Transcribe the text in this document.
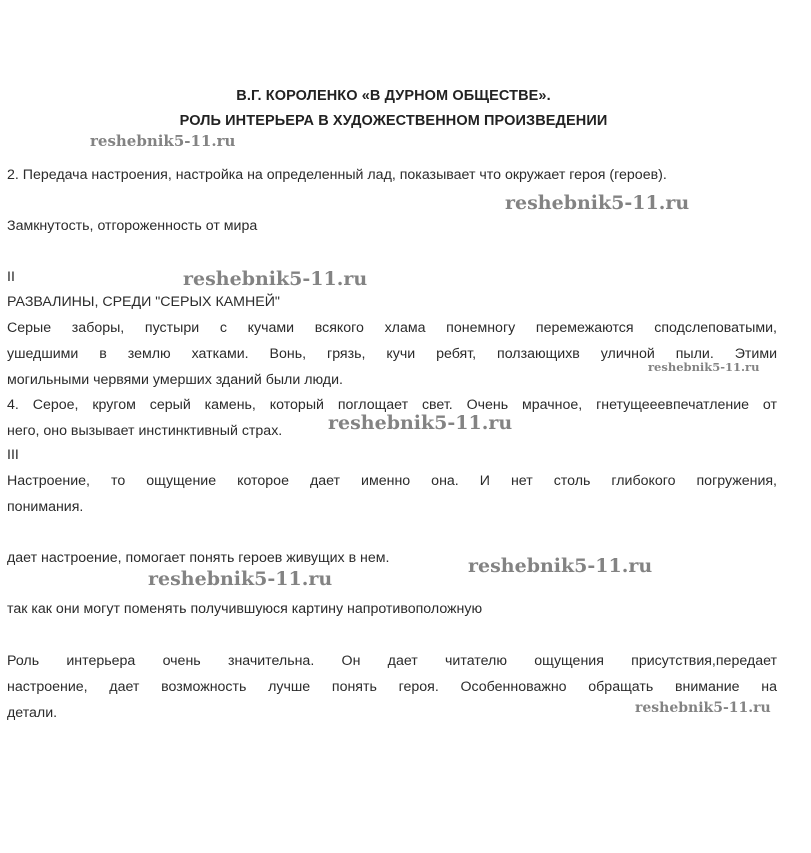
В.Г. КОРОЛЕНКО «В ДУРНОМ ОБЩЕСТВЕ».
РОЛЬ ИНТЕРЬЕРА В ХУДОЖЕСТВЕННОМ ПРОИЗВЕДЕНИИ
2. Передача настроения, настройка на определенный лад, показывает что окружает героя (героев).
Замкнутость, отгороженность от мира
II
РАЗВАЛИНЫ, СРЕДИ "СЕРЫХ КАМНЕЙ"
Серые заборы, пустыри с кучами всякого хлама понемногу перемежаются сподслеповатыми,
ушедшими в землю хатками. Вонь, грязь, кучи ребят, ползающихв уличной пыли. Этими
могильными червями умерших зданий были люди.
4. Серое, кругом серый камень, который поглощает свет. Очень мрачное, гнетущееевпечатление от
него, оно вызывает инстинктивный страх.
III
Настроение, то ощущение которое дает именно она. И нет столь глибокого погружения,
понимания.
дает настроение, помогает понять героев живущих в нем.
так как они могут поменять получившуюся картину напротивоположную
Роль интерьера очень значительна. Он дает читателю ощущения присутствия,передает
настроение, дает возможность лучше понять героя. Особенноважно обращать внимание на
детали.
reshebnik5-11.ru
reshebnik5-11.ru
reshebnik5-11.ru
reshebnik5-11.ru
reshebnik5-11.ru
reshebnik5-11.ru
reshebnik5-11.ru
reshebnik5-11.ru
